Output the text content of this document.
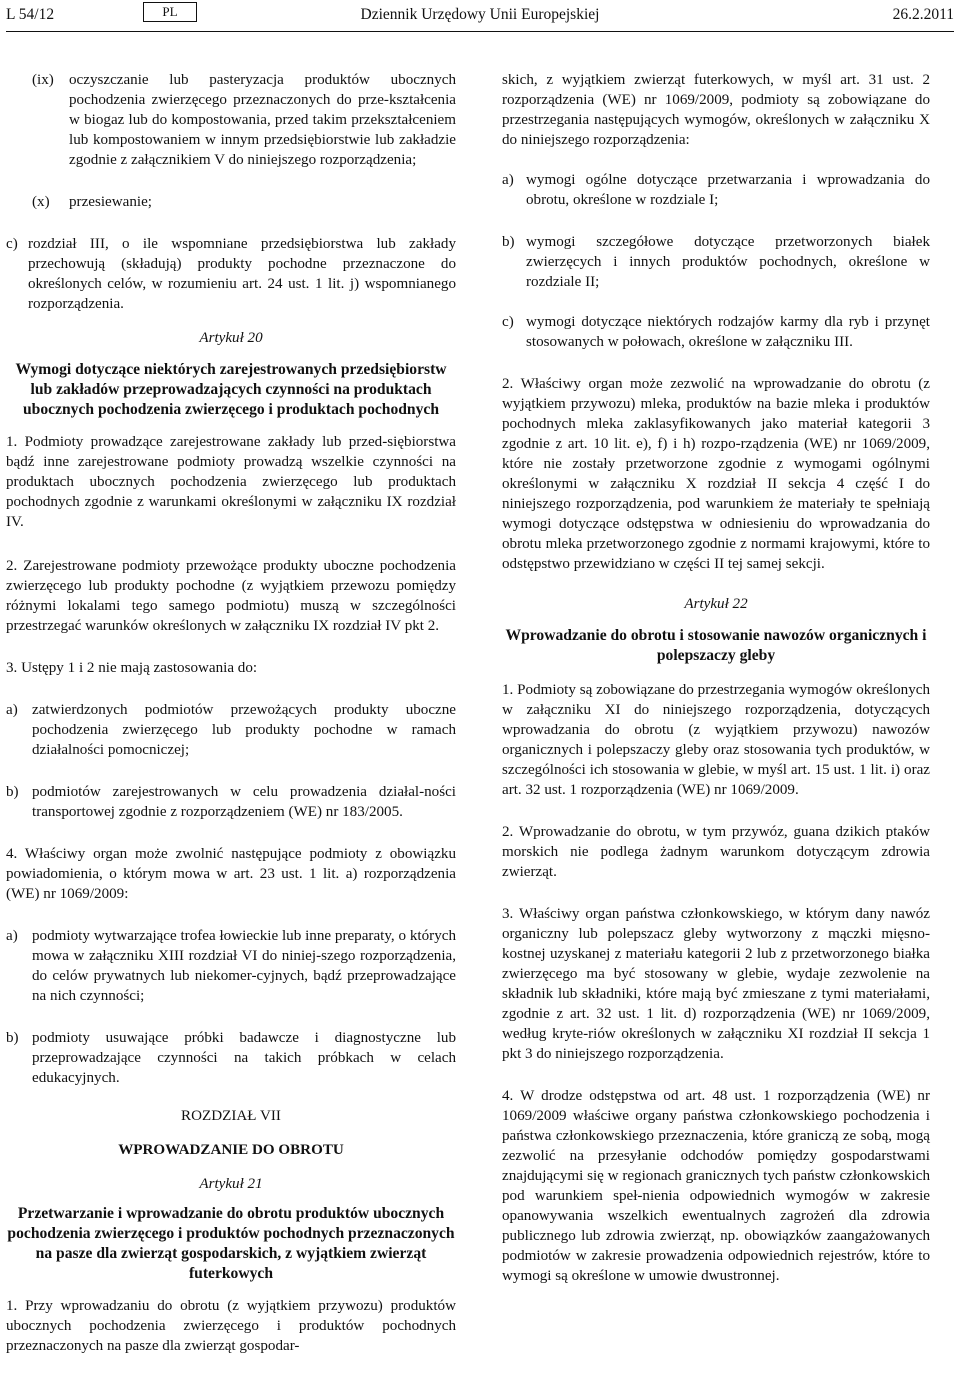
L 54/12	PL	Dziennik Urzędowy Unii Europejskiej	26.2.2011
(ix)	oczyszczanie lub pasteryzacja produktów ubocznych pochodzenia zwierzęcego przeznaczonych do prze-kształcenia w biogaz lub do kompostowania, przed takim przekształceniem lub kompostowaniem w innym przedsiębiorstwie lub zakładzie zgodnie z załącznikiem V do niniejszego rozporządzenia;
(x)	przesiewanie;
c) rozdział III, o ile wspomniane przedsiębiorstwa lub zakłady przechowują (składują) produkty pochodne przeznaczone do określonych celów, w rozumieniu art. 24 ust. 1 lit. j) wspomnianego rozporządzenia.
Artykuł 20
Wymogi dotyczące niektórych zarejestrowanych przedsiębiorstw lub zakładów przeprowadzających czynności na produktach ubocznych pochodzenia zwierzęcego i produktach pochodnych

1. Podmioty prowadzące zarejestrowane zakłady lub przed-siębiorstwa bądź inne zarejestrowane podmioty prowadzą wszelkie czynności na produktach ubocznych pochodzenia zwierzęcego lub produktach pochodnych zgodnie z warunkami określonymi w załączniku IX rozdział IV.

2. Zarejestrowane podmioty przewożące produkty uboczne pochodzenia zwierzęcego lub produkty pochodne (z wyjątkiem przewozu pomiędzy różnymi lokalami tego samego podmiotu) muszą w szczególności przestrzegać warunków określonych w załączniku IX rozdział IV pkt 2.

3. Ustępy 1 i 2 nie mają zastosowania do:

a) zatwierdzonych podmiotów przewożących produkty uboczne pochodzenia zwierzęcego lub produkty pochodne w ramach działalności pomocniczej;
b) podmiotów zarejestrowanych w celu prowadzenia działal-ności transportowej zgodnie z rozporządzeniem (WE) nr 183/2005.

4. Właściwy organ może zwolnić następujące podmioty z obowiązku powiadomienia, o którym mowa w art. 23 ust. 1 lit. a) rozporządzenia (WE) nr 1069/2009:

a) podmioty wytwarzające trofea łowieckie lub inne preparaty, o których mowa w załączniku XIII rozdział VI do niniej-szego rozporządzenia, do celów prywatnych lub niekomer-cyjnych, bądź przeprowadzające na nich czynności;
b) podmioty usuwające próbki badawcze i diagnostyczne lub przeprowadzające czynności na takich próbkach w celach edukacyjnych.
ROZDZIAŁ VII
WPROWADZANIE DO OBROTU
Artykuł 21
Przetwarzanie i wprowadzanie do obrotu produktów ubocznych pochodzenia zwierzęcego i produktów pochodnych przeznaczonych na pasze dla zwierząt gospodarskich, z wyjątkiem zwierząt futerkowych

1. Przy wprowadzaniu do obrotu (z wyjątkiem przywozu) produktów ubocznych pochodzenia zwierzęcego i produktów pochodnych przeznaczonych na pasze dla zwierząt gospodar-

skich, z wyjątkiem zwierząt futerkowych, w myśl art. 31 ust. 2 rozporządzenia (WE) nr 1069/2009, podmioty są zobowiązane do przestrzegania następujących wymogów, określonych w załączniku X do niniejszego rozporządzenia:

a) wymogi ogólne dotyczące przetwarzania i wprowadzania do obrotu, określone w rozdziale I;
b) wymogi szczegółowe dotyczące przetworzonych białek zwierzęcych i innych produktów pochodnych, określone w rozdziale II;
c) wymogi dotyczące niektórych rodzajów karmy dla ryb i przynęt stosowanych w połowach, określone w załączniku III.

2. Właściwy organ może zezwolić na wprowadzanie do obrotu (z wyjątkiem przywozu) mleka, produktów na bazie mleka i produktów pochodnych mleka zaklasyfikowanych jako materiał kategorii 3 zgodnie z art. 10 lit. e), f) i h) rozpo-rządzenia (WE) nr 1069/2009, które nie zostały przetworzone zgodnie z wymogami ogólnymi określonymi w załączniku X rozdział II sekcja 4 część I do niniejszego rozporządzenia, pod warunkiem że materiały te spełniają wymogi dotyczące odstępstwa w odniesieniu do wprowadzania do obrotu mleka przetworzonego zgodnie z normami krajowymi, które to odstępstwo przewidziano w części II tej samej sekcji.

Artykuł 22
Wprowadzanie do obrotu i stosowanie nawozów organicznych i polepszaczy gleby

1. Podmioty są zobowiązane do przestrzegania wymogów określonych w załączniku XI do niniejszego rozporządzenia, dotyczących wprowadzania do obrotu (z wyjątkiem przywozu) nawozów organicznych i polepszaczy gleby oraz stosowania tych produktów, w szczególności ich stosowania w glebie, w myśl art. 15 ust. 1 lit. i) oraz art. 32 ust. 1 rozporządzenia (WE) nr 1069/2009.

2. Wprowadzanie do obrotu, w tym przywóz, guana dzikich ptaków morskich nie podlega żadnym warunkom dotyczącym zdrowia zwierząt.

3. Właściwy organ państwa członkowskiego, w którym dany nawóz organiczny lub polepszacz gleby wytworzony z mączki mięsno-kostnej uzyskanej z materiału kategorii 2 lub z przetworzonego białka zwierzęcego ma być stosowany w glebie, wydaje zezwolenie na składnik lub składniki, które mają być zmieszane z tymi materiałami, zgodnie z art. 32 ust. 1 lit. d) rozporządzenia (WE) nr 1069/2009, według kryte-riów określonych w załączniku XI rozdział II sekcja 1 pkt 3 do niniejszego rozporządzenia.

4. W drodze odstępstwa od art. 48 ust. 1 rozporządzenia (WE) nr 1069/2009 właściwe organy państwa członkowskiego pochodzenia i państwa członkowskiego przeznaczenia, które graniczą ze sobą, mogą zezwolić na przesyłanie odchodów pomiędzy gospodarstwami znajdującymi się w regionach granicznych tych państw członkowskich pod warunkiem speł-nienia odpowiednich wymogów w zakresie opanowywania wszelkich ewentualnych zagrożeń dla zdrowia publicznego lub zdrowia zwierząt, np. obowiązków zaangażowanych podmiotów w zakresie prowadzenia odpowiednich rejestrów, które to wymogi są określone w umowie dwustronnej.
